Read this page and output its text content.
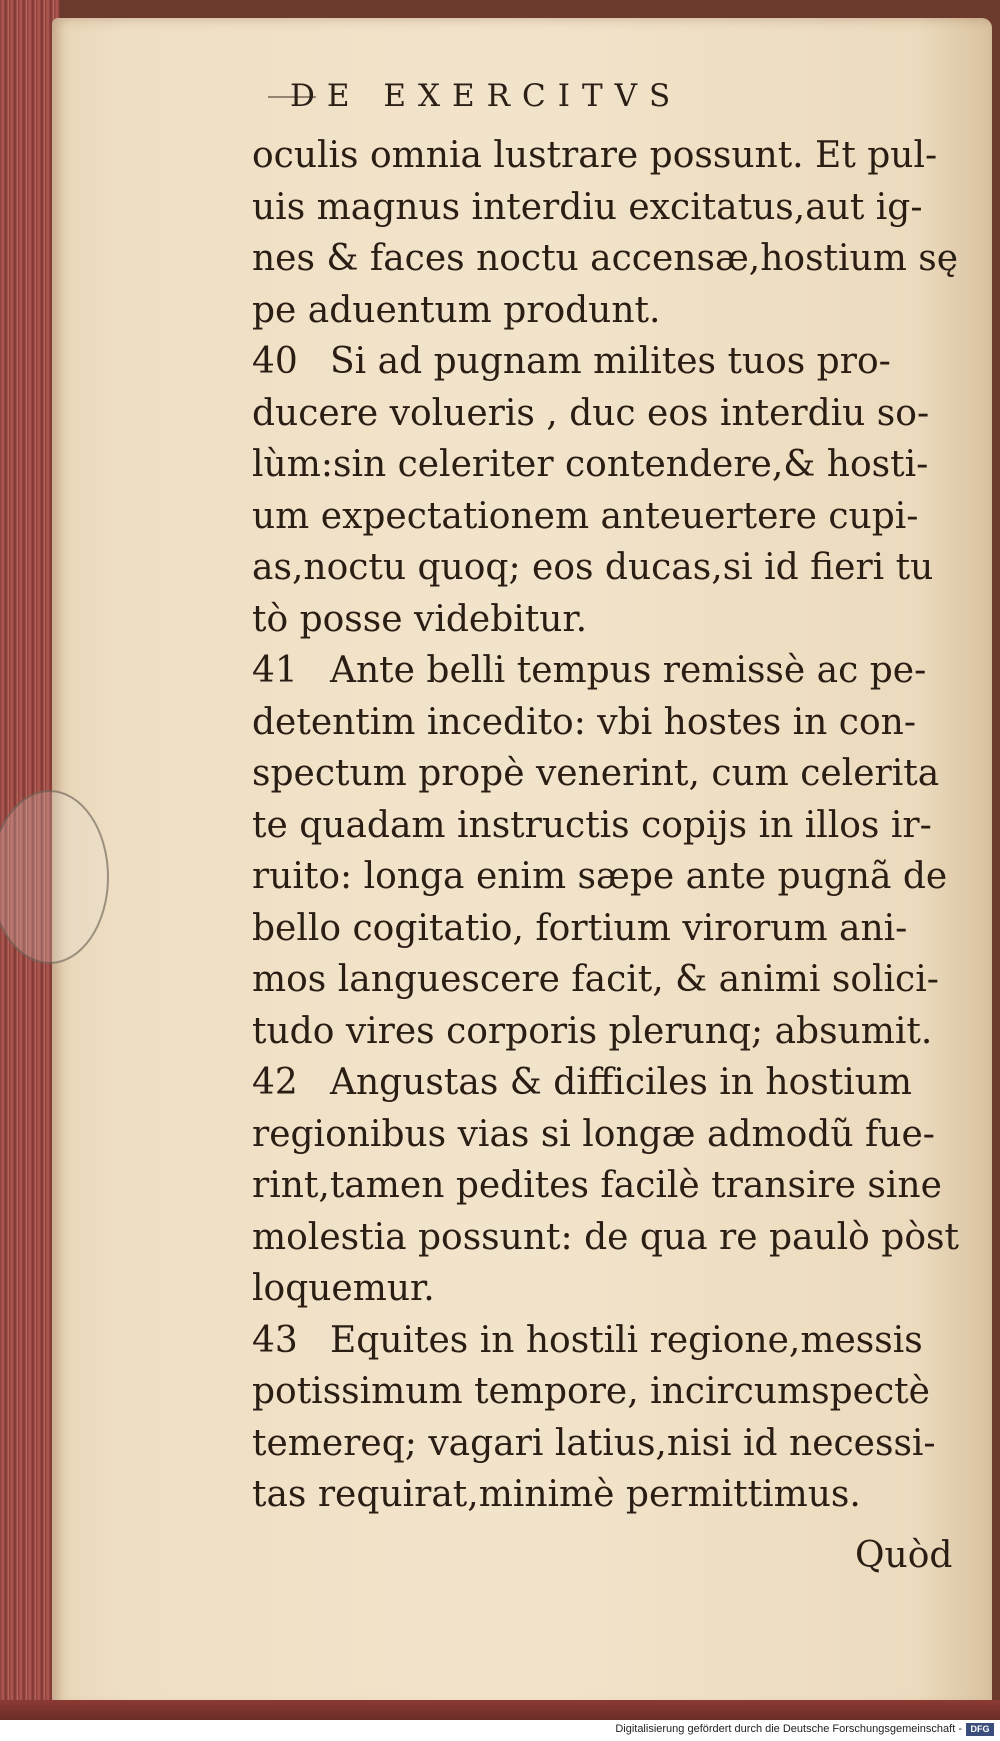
DE EXERCITVS
oculis omnia lustrare possunt. Et pul-
uis magnus interdiu excitatus,aut ig-
nes & faces noctu accensæ,hostium sę
pe aduentum produnt.
40 Si ad pugnam milites tuos pro-
ducere volueris , duc eos interdiu so-
lùm:sin celeriter contendere,& hosti-
um expectationem anteuertere cupi-
as,noctu quoq; eos ducas,si id fieri tu
tò posse videbitur.
41 Ante belli tempus remissè ac pe-
detentim incedito: vbi hostes in con-
spectum propè venerint, cum celerita
te quadam instructis copijs in illos ir-
ruito: longa enim sæpe ante pugnã de
bello cogitatio, fortium virorum ani-
mos languescere facit, & animi solici-
tudo vires corporis plerunq; absumit.
42 Angustas & difficiles in hostium
regionibus vias si longæ admodũ fue-
rint,tamen pedites facilè transire sine
molestia possunt: de qua re paulò pòst
loquemur.
43 Equites in hostili regione,messis
potissimum tempore, incircumspectè
temereq; vagari latius,nisi id necessi-
tas requirat,minimè permittimus.
Quòd
Digitalisierung gefördert durch die Deutsche Forschungsgemeinschaft - DFG
